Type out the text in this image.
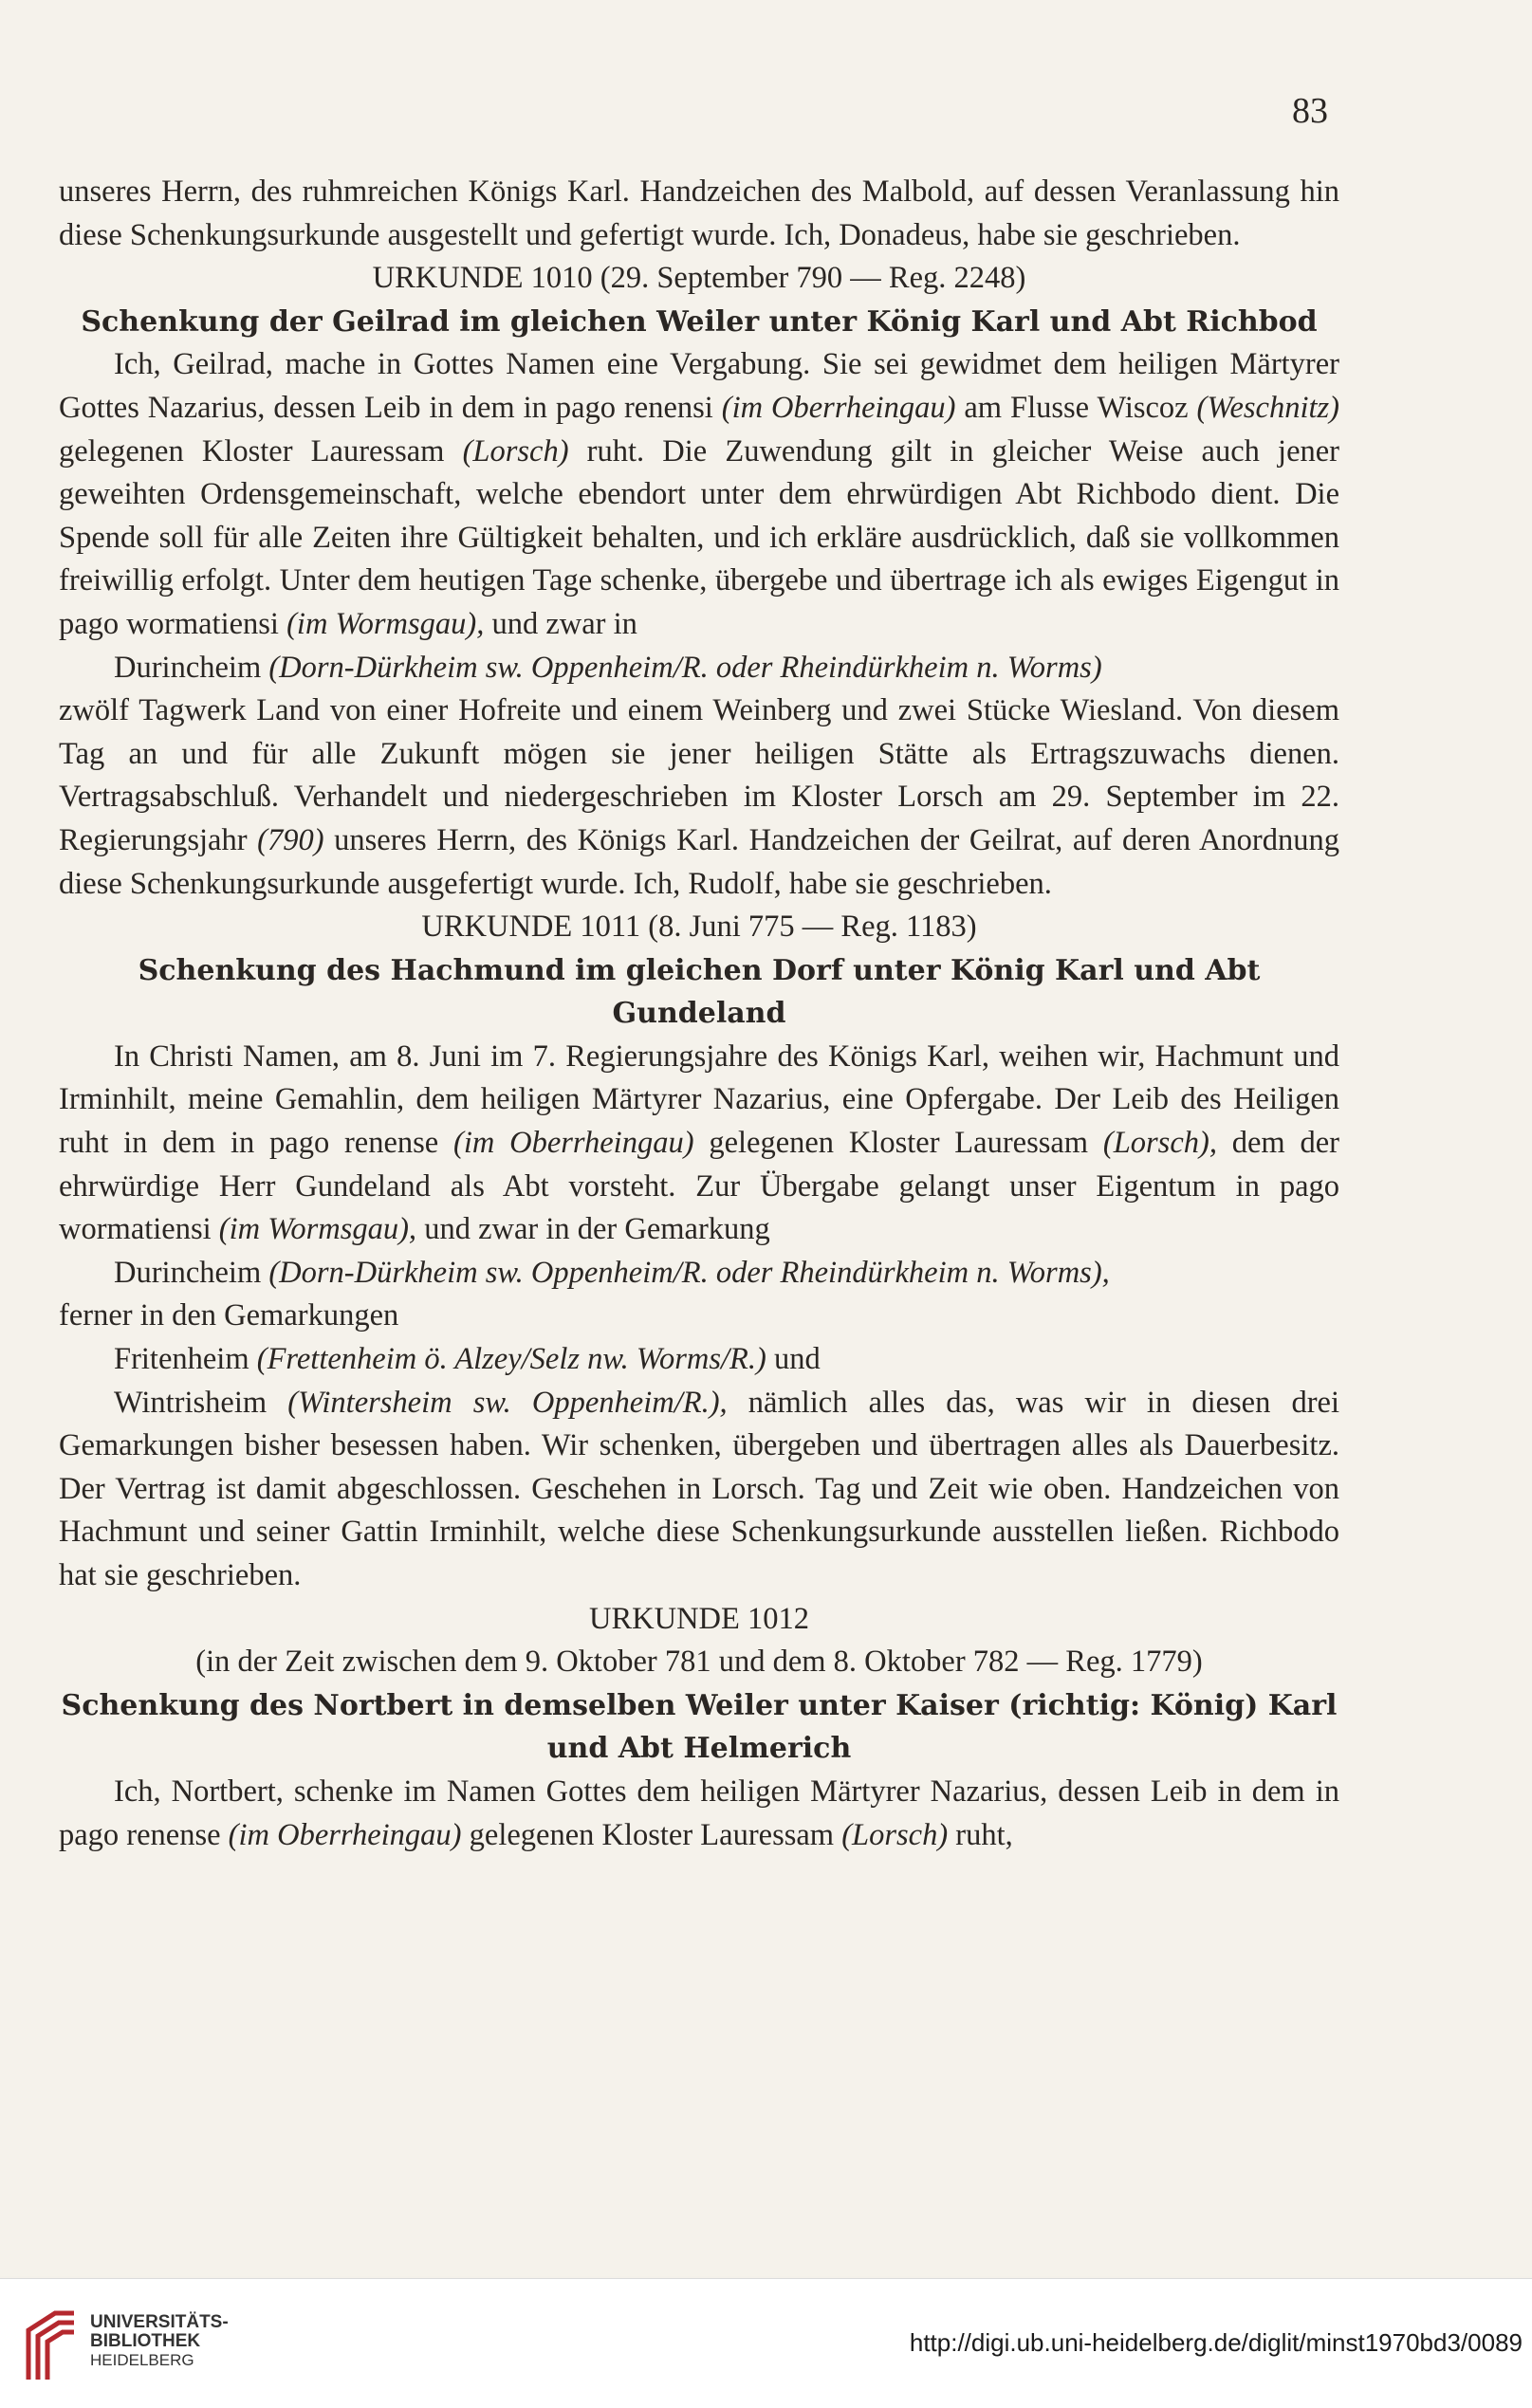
83

unseres Herrn, des ruhmreichen Königs Karl. Handzeichen des Malbold, auf dessen Veranlassung hin diese Schenkungsurkunde ausgestellt und gefertigt wurde. Ich, Donadeus, habe sie geschrieben.

URKUNDE 1010 (29. September 790 — Reg. 2248)

Schenkung der Geilrad im gleichen Weiler unter König Karl und Abt Richbod

Ich, Geilrad, mache in Gottes Namen eine Vergabung. Sie sei gewidmet dem heiligen Märtyrer Gottes Nazarius, dessen Leib in dem in pago renensi (im Oberrheingau) am Flusse Wiscoz (Weschnitz) gelegenen Kloster Lauressam (Lorsch) ruht. Die Zuwendung gilt in gleicher Weise auch jener geweihten Ordensgemeinschaft, welche ebendort unter dem ehrwürdigen Abt Richbodo dient. Die Spende soll für alle Zeiten ihre Gültigkeit behalten, und ich erkläre ausdrücklich, daß sie vollkommen freiwillig erfolgt. Unter dem heutigen Tage schenke, übergebe und übertrage ich als ewiges Eigengut in pago wormatiensi (im Wormsgau), und zwar in

Durincheim (Dorn-Dürkheim sw. Oppenheim/R. oder Rheindürkheim n. Worms)

zwölf Tagwerk Land von einer Hofreite und einem Weinberg und zwei Stücke Wiesland. Von diesem Tag an und für alle Zukunft mögen sie jener heiligen Stätte als Ertragszuwachs dienen. Vertragsabschluß. Verhandelt und niedergeschrieben im Kloster Lorsch am 29. September im 22. Regierungsjahr (790) unseres Herrn, des Königs Karl. Handzeichen der Geilrat, auf deren Anordnung diese Schenkungsurkunde ausgefertigt wurde. Ich, Rudolf, habe sie geschrieben.

URKUNDE 1011 (8. Juni 775 — Reg. 1183)

Schenkung des Hachmund im gleichen Dorf unter König Karl und Abt Gundeland

In Christi Namen, am 8. Juni im 7. Regierungsjahre des Königs Karl, weihen wir, Hachmunt und Irminhilt, meine Gemahlin, dem heiligen Märtyrer Nazarius, eine Opfergabe. Der Leib des Heiligen ruht in dem in pago renense (im Oberrheingau) gelegenen Kloster Lauressam (Lorsch), dem der ehrwürdige Herr Gundeland als Abt vorsteht. Zur Übergabe gelangt unser Eigentum in pago wormatiensi (im Wormsgau), und zwar in der Gemarkung

Durincheim (Dorn-Dürkheim sw. Oppenheim/R. oder Rheindürkheim n. Worms),

ferner in den Gemarkungen

Fritenheim (Frettenheim ö. Alzey/Selz nw. Worms/R.) und

Wintrisheim (Wintersheim sw. Oppenheim/R.), nämlich alles das, was wir in diesen drei Gemarkungen bisher besessen haben. Wir schenken, übergeben und übertragen alles als Dauerbesitz. Der Vertrag ist damit abgeschlossen. Geschehen in Lorsch. Tag und Zeit wie oben. Handzeichen von Hachmunt und seiner Gattin Irminhilt, welche diese Schenkungsurkunde ausstellen ließen. Richbodo hat sie geschrieben.

URKUNDE 1012

(in der Zeit zwischen dem 9. Oktober 781 und dem 8. Oktober 782 — Reg. 1779)

Schenkung des Nortbert in demselben Weiler unter Kaiser (richtig: König) Karl

und Abt Helmerich

Ich, Nortbert, schenke im Namen Gottes dem heiligen Märtyrer Nazarius, dessen Leib in dem in pago renense (im Oberrheingau) gelegenen Kloster Lauressam (Lorsch) ruht,

UNIVERSITÄTS-
BIBLIOTHEK
HEIDELBERG
http://digi.ub.uni-heidelberg.de/diglit/minst1970bd3/0089
